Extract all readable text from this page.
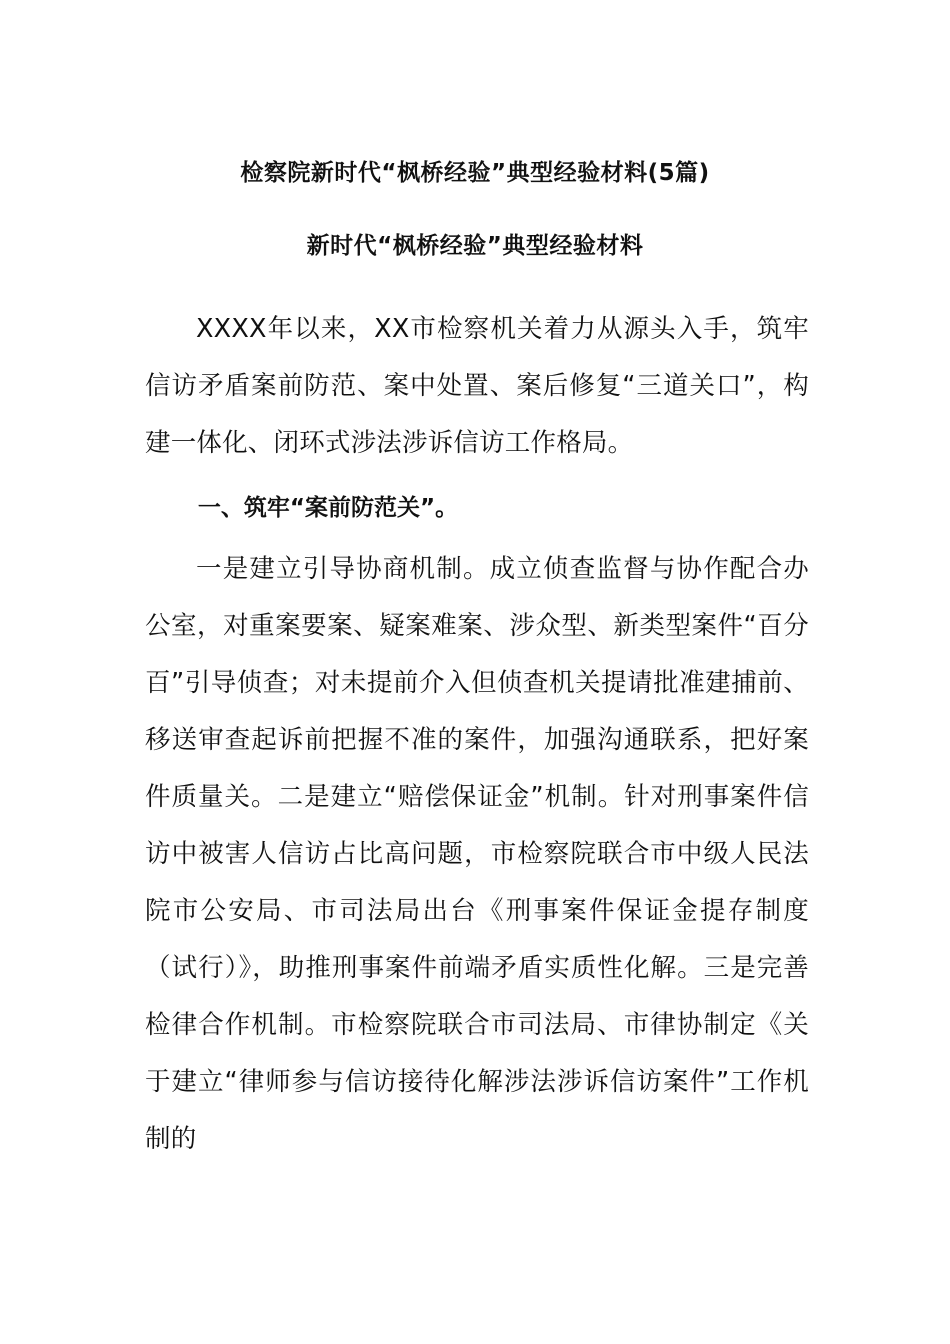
检察院新时代“枫桥经验”典型经验材料(5篇)
新时代“枫桥经验”典型经验材料

XXXX年以来，XX市检察机关着力从源头入手，筑牢信访矛盾案前防范、案中处置、案后修复“三道关口”，构建一体化、闭环式涉法涉诉信访工作格局。

一、筑牢“案前防范关”。

一是建立引导协商机制。成立侦查监督与协作配合办公室，对重案要案、疑案难案、涉众型、新类型案件“百分百”引导侦查；对未提前介入但侦查机关提请批准建捕前、移送审查起诉前把握不准的案件，加强沟通联系，把好案件质量关。二是建立“赔偿保证金”机制。针对刑事案件信访中被害人信访占比高问题，市检察院联合市中级人民法院市公安局、市司法局出台《刑事案件保证金提存制度（试行）》，助推刑事案件前端矛盾实质性化解。三是完善检律合作机制。市检察院联合市司法局、市律协制定《关于建立“律师参与信访接待化解涉法涉诉信访案件”工作机制的
